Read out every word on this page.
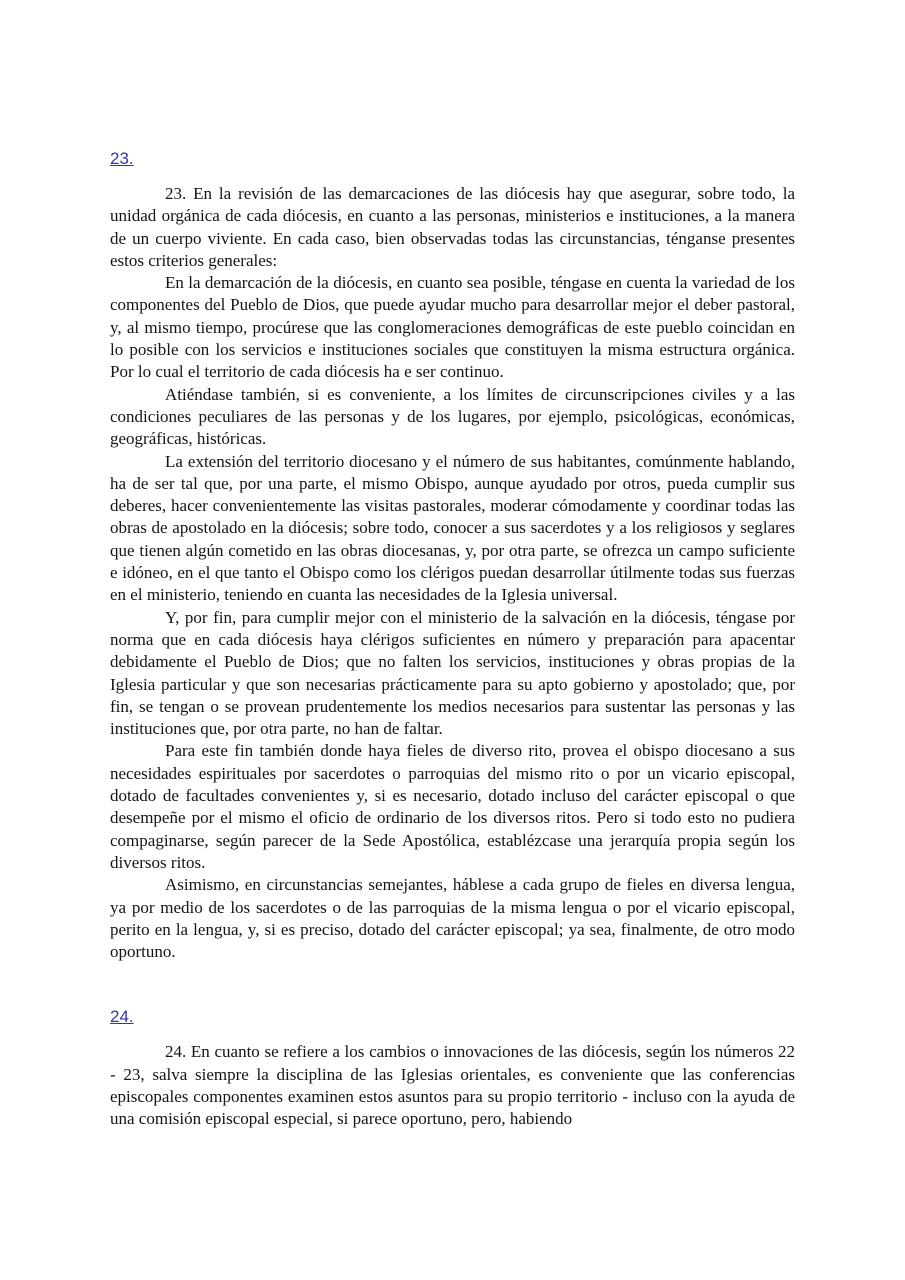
23.

23. En la revisión de las demarcaciones de las diócesis hay que asegurar, sobre todo, la unidad orgánica de cada diócesis, en cuanto a las personas, ministerios e instituciones, a la manera de un cuerpo viviente. En cada caso, bien observadas todas las circunstancias, ténganse presentes estos criterios generales:

En la demarcación de la diócesis, en cuanto sea posible, téngase en cuenta la variedad de los componentes del Pueblo de Dios, que puede ayudar mucho para desarrollar mejor el deber pastoral, y, al mismo tiempo, procúrese que las conglomeraciones demográficas de este pueblo coincidan en lo posible con los servicios e instituciones sociales que constituyen la misma estructura orgánica. Por lo cual el territorio de cada diócesis ha e ser continuo.

Atiéndase también, si es conveniente, a los límites de circunscripciones civiles y a las condiciones peculiares de las personas y de los lugares, por ejemplo, psicológicas, económicas, geográficas, históricas.

La extensión del territorio diocesano y el número de sus habitantes, comúnmente hablando, ha de ser tal que, por una parte, el mismo Obispo, aunque ayudado por otros, pueda cumplir sus deberes, hacer convenientemente las visitas pastorales, moderar cómodamente y coordinar todas las obras de apostolado en la diócesis; sobre todo, conocer a sus sacerdotes y a los religiosos y seglares que tienen algún cometido en las obras diocesanas, y, por otra parte, se ofrezca un campo suficiente e idóneo, en el que tanto el Obispo como los clérigos puedan desarrollar útilmente todas sus fuerzas en el ministerio, teniendo en cuanta las necesidades de la Iglesia universal.

Y, por fin, para cumplir mejor con el ministerio de la salvación en la diócesis, téngase por norma que en cada diócesis haya clérigos suficientes en número y preparación para apacentar debidamente el Pueblo de Dios; que no falten los servicios, instituciones y obras propias de la Iglesia particular y que son necesarias prácticamente para su apto gobierno y apostolado; que, por fin, se tengan o se provean prudentemente los medios necesarios para sustentar las personas y las instituciones que, por otra parte, no han de faltar.

Para este fin también donde haya fieles de diverso rito, provea el obispo diocesano a sus necesidades espirituales por sacerdotes o parroquias del mismo rito o por un vicario episcopal, dotado de facultades convenientes y, si es necesario, dotado incluso del carácter episcopal o que desempeñe por el mismo el oficio de ordinario de los diversos ritos. Pero si todo esto no pudiera compaginarse, según parecer de la Sede Apostólica, establézcase una jerarquía propia según los diversos ritos.

Asimismo, en circunstancias semejantes, háblese a cada grupo de fieles en diversa lengua, ya por medio de los sacerdotes o de las parroquias de la misma lengua o por el vicario episcopal, perito en la lengua, y, si es preciso, dotado del carácter episcopal; ya sea, finalmente, de otro modo oportuno.

24.

24. En cuanto se refiere a los cambios o innovaciones de las diócesis, según los números 22 - 23, salva siempre la disciplina de las Iglesias orientales, es conveniente que las conferencias episcopales componentes examinen estos asuntos para su propio territorio - incluso con la ayuda de una comisión episcopal especial, si parece oportuno, pero, habiendo
